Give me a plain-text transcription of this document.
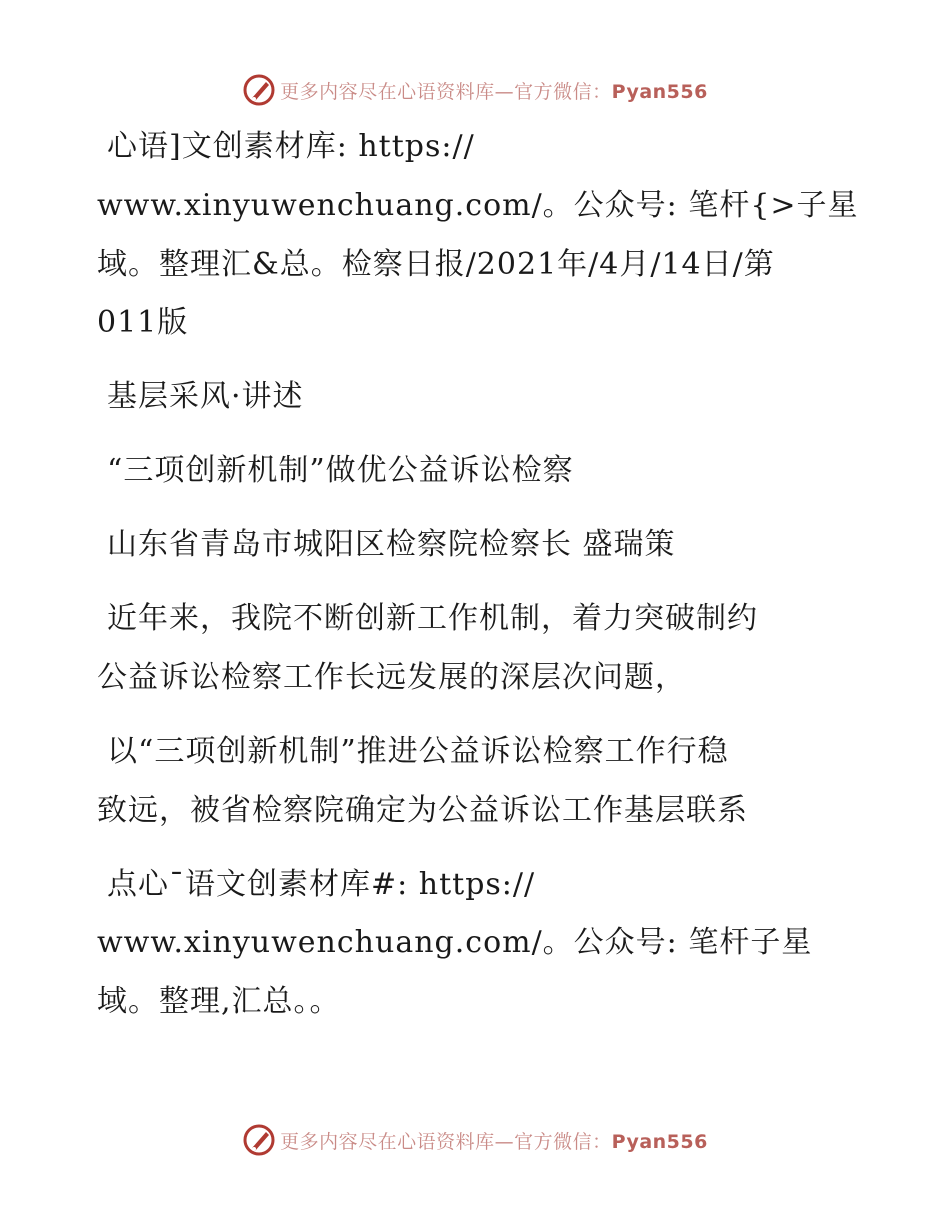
更多内容尽在心语资料库—官方微信：Pyan556

心语]文创素材库: https://

www.xinyuwenchuang.com/。公众号: 笔杆{>子星

域。整理汇&总。检察日报/2021年/4月/14日/第

011版

基层采风·讲述

“三项创新机制”做优公益诉讼检察

山东省青岛市城阳区检察院检察长 盛瑞策

近年来，我院不断创新工作机制，着力突破制约

公益诉讼检察工作长远发展的深层次问题，

以“三项创新机制”推进公益诉讼检察工作行稳

致远，被省检察院确定为公益诉讼工作基层联系

点心¯语文创素材库#: https://

www.xinyuwenchuang.com/。公众号: 笔杆子星

域。整理,汇总。。

更多内容尽在心语资料库—官方微信：Pyan556
